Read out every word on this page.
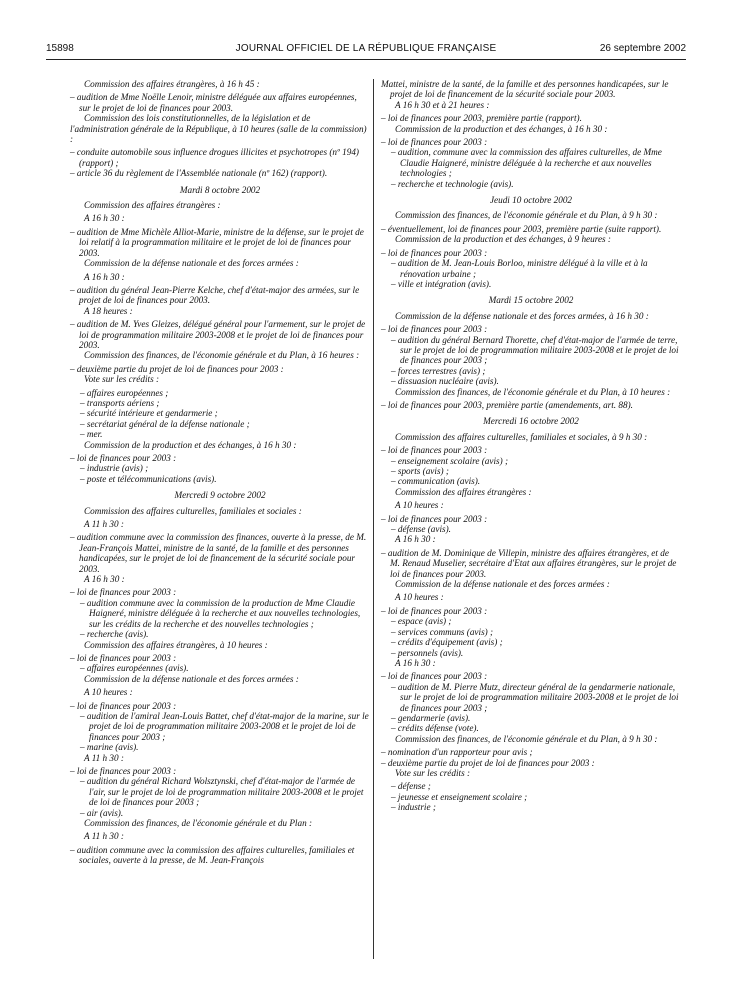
15898	JOURNAL OFFICIEL DE LA RÉPUBLIQUE FRANÇAISE	26 septembre 2002
Commission des affaires étrangères, à 16 h 45 :
– audition de Mme Noëlle Lenoir, ministre déléguée aux affaires européennes, sur le projet de loi de finances pour 2003.
Commission des lois constitutionnelles, de la législation et de l'administration générale de la République, à 10 heures (salle de la commission) :
– conduite automobile sous influence drogues illicites et psychotropes (nº 194) (rapport) ;
– article 36 du règlement de l'Assemblée nationale (nº 162) (rapport).
Mardi 8 octobre 2002
Commission des affaires étrangères :
A 16 h 30 :
– audition de Mme Michèle Alliot-Marie, ministre de la défense, sur le projet de loi relatif à la programmation militaire et le projet de loi de finances pour 2003.
Commission de la défense nationale et des forces armées :
A 16 h 30 :
– audition du général Jean-Pierre Kelche, chef d'état-major des armées, sur le projet de loi de finances pour 2003.
A 18 heures :
– audition de M. Yves Gleizes, délégué général pour l'armement, sur le projet de loi de programmation militaire 2003-2008 et le projet de loi de finances pour 2003.
Commission des finances, de l'économie générale et du Plan, à 16 heures :
– deuxième partie du projet de loi de finances pour 2003 :
Vote sur les crédits :
– affaires européennes ;
– transports aériens ;
– sécurité intérieure et gendarmerie ;
– secrétariat général de la défense nationale ;
– mer.
Commission de la production et des échanges, à 16 h 30 :
– loi de finances pour 2003 :
– industrie (avis) ;
– poste et télécommunications (avis).
Mercredi 9 octobre 2002
Commission des affaires culturelles, familiales et sociales :
A 11 h 30 :
– audition commune avec la commission des finances, ouverte à la presse, de M. Jean-François Mattei, ministre de la santé, de la famille et des personnes handicapées, sur le projet de loi de financement de la sécurité sociale pour 2003.
A 16 h 30 :
– loi de finances pour 2003 :
– audition commune avec la commission de la production de Mme Claudie Haigneré, ministre déléguée à la recherche et aux nouvelles technologies, sur les crédits de la recherche et des nouvelles technologies ;
– recherche (avis).
Commission des affaires étrangères, à 10 heures :
– loi de finances pour 2003 :
– affaires européennes (avis).
Commission de la défense nationale et des forces armées :
A 10 heures :
– loi de finances pour 2003 :
– audition de l'amiral Jean-Louis Battet, chef d'état-major de la marine, sur le projet de loi de programmation militaire 2003-2008 et le projet de loi de finances pour 2003 ;
– marine (avis).
A 11 h 30 :
– loi de finances pour 2003 :
– audition du général Richard Wolsztynski, chef d'état-major de l'armée de l'air, sur le projet de loi de programmation militaire 2003-2008 et le projet de loi de finances pour 2003 ;
– air (avis).
Commission des finances, de l'économie générale et du Plan :
A 11 h 30 :
– audition commune avec la commission des affaires culturelles, familiales et sociales, ouverte à la presse, de M. Jean-François
Mattei, ministre de la santé, de la famille et des personnes handicapées, sur le projet de loi de financement de la sécurité sociale pour 2003.
A 16 h 30 et à 21 heures :
– loi de finances pour 2003, première partie (rapport).
Commission de la production et des échanges, à 16 h 30 :
– loi de finances pour 2003 :
– audition, commune avec la commission des affaires culturelles, de Mme Claudie Haigneré, ministre déléguée à la recherche et aux nouvelles technologies ;
– recherche et technologie (avis).
Jeudi 10 octobre 2002
Commission des finances, de l'économie générale et du Plan, à 9 h 30 :
– éventuellement, loi de finances pour 2003, première partie (suite rapport).
Commission de la production et des échanges, à 9 heures :
– loi de finances pour 2003 :
– audition de M. Jean-Louis Borloo, ministre délégué à la ville et à la rénovation urbaine ;
– ville et intégration (avis).
Mardi 15 octobre 2002
Commission de la défense nationale et des forces armées, à 16 h 30 :
– loi de finances pour 2003 :
– audition du général Bernard Thorette, chef d'état-major de l'armée de terre, sur le projet de loi de programmation militaire 2003-2008 et le projet de loi de finances pour 2003 ;
– forces terrestres (avis) ;
– dissuasion nucléaire (avis).
Commission des finances, de l'économie générale et du Plan, à 10 heures :
– loi de finances pour 2003, première partie (amendements, art. 88).
Mercredi 16 octobre 2002
Commission des affaires culturelles, familiales et sociales, à 9 h 30 :
– loi de finances pour 2003 :
– enseignement scolaire (avis) ;
– sports (avis) ;
– communication (avis).
Commission des affaires étrangères :
A 10 heures :
– loi de finances pour 2003 :
– défense (avis).
A 16 h 30 :
– audition de M. Dominique de Villepin, ministre des affaires étrangères, et de M. Renaud Muselier, secrétaire d'Etat aux affaires étrangères, sur le projet de loi de finances pour 2003.
Commission de la défense nationale et des forces armées :
A 10 heures :
– loi de finances pour 2003 :
– espace (avis) ;
– services communs (avis) ;
– crédits d'équipement (avis) ;
– personnels (avis).
A 16 h 30 :
– loi de finances pour 2003 :
– audition de M. Pierre Mutz, directeur général de la gendarmerie nationale, sur le projet de loi de programmation militaire 2003-2008 et le projet de loi de finances pour 2003 ;
– gendarmerie (avis).
– crédits défense (vote).
Commission des finances, de l'économie générale et du Plan, à 9 h 30 :
– nomination d'un rapporteur pour avis ;
– deuxième partie du projet de loi de finances pour 2003 :
Vote sur les crédits :
– défense ;
– jeunesse et enseignement scolaire ;
– industrie ;
